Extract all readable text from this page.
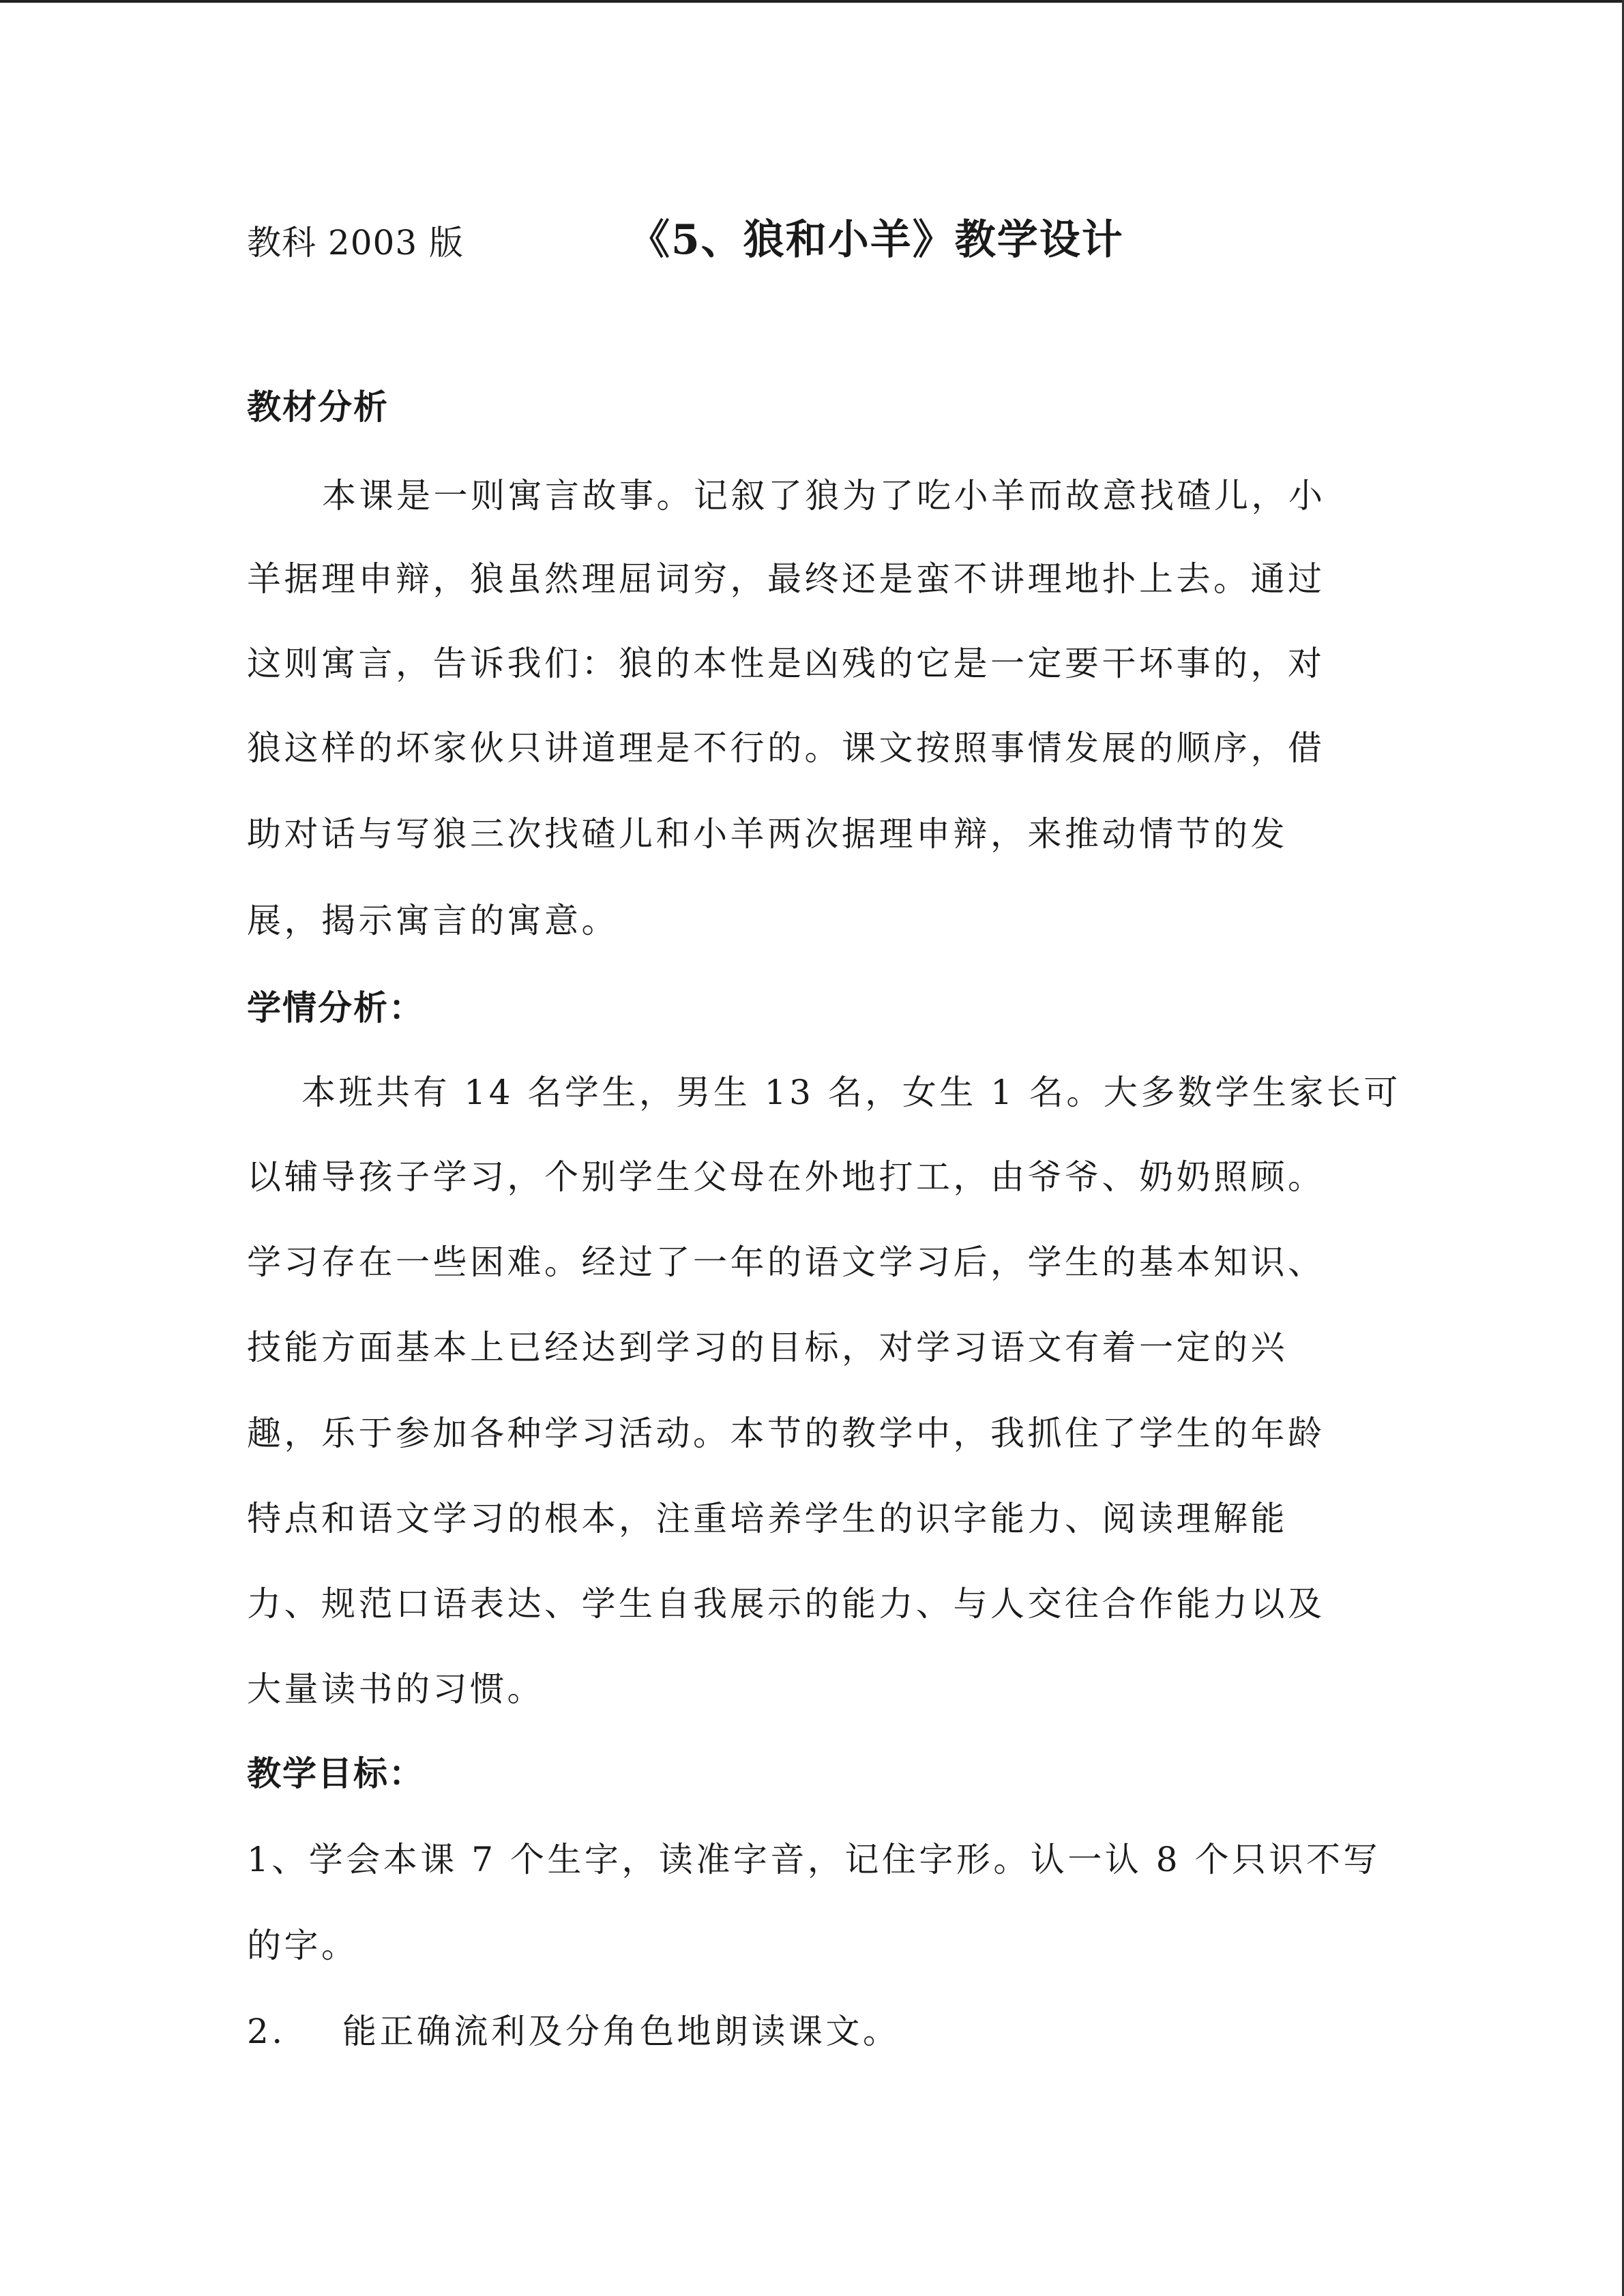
教科 2003 版	《5、狼和小羊》教学设计
教材分析
本课是一则寓言故事。记叙了狼为了吃小羊而故意找碴儿，小
羊据理申辩，狼虽然理屈词穷，最终还是蛮不讲理地扑上去。通过
这则寓言，告诉我们：狼的本性是凶残的它是一定要干坏事的，对
狼这样的坏家伙只讲道理是不行的。课文按照事情发展的顺序，借
助对话与写狼三次找碴儿和小羊两次据理申辩，来推动情节的发
展，揭示寓言的寓意。
学情分析：
本班共有 14 名学生，男生 13 名，女生 1 名。大多数学生家长可
以辅导孩子学习，个别学生父母在外地打工，由爷爷、奶奶照顾。
学习存在一些困难。经过了一年的语文学习后，学生的基本知识、
技能方面基本上已经达到学习的目标，对学习语文有着一定的兴
趣，乐于参加各种学习活动。本节的教学中，我抓住了学生的年龄
特点和语文学习的根本，注重培养学生的识字能力、阅读理解能
力、规范口语表达、学生自我展示的能力、与人交往合作能力以及
大量读书的习惯。
教学目标：
1、学会本课 7 个生字，读准字音，记住字形。认一认 8 个只识不写
的字。
2. 能正确流利及分角色地朗读课文。
